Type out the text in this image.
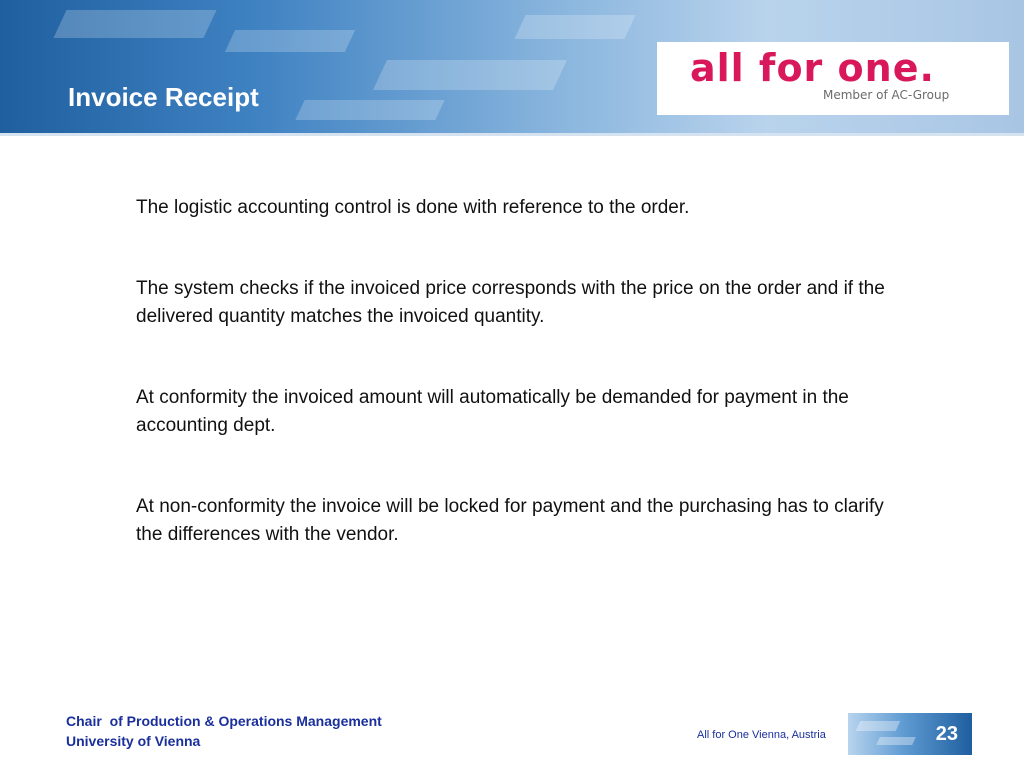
Invoice Receipt
all for one.
Member of AC-Group

The logistic accounting control is done with reference to the order.

The system checks if the invoiced price corresponds with the price on the order and if the delivered quantity matches the invoiced quantity.

At conformity the invoiced amount will automatically be demanded for payment in the accounting dept.

At non-conformity the invoice will be locked for payment and the purchasing has to clarify the differences with the vendor.

Chair  of Production & Operations Management
University of Vienna	All for One Vienna, Austria	23
